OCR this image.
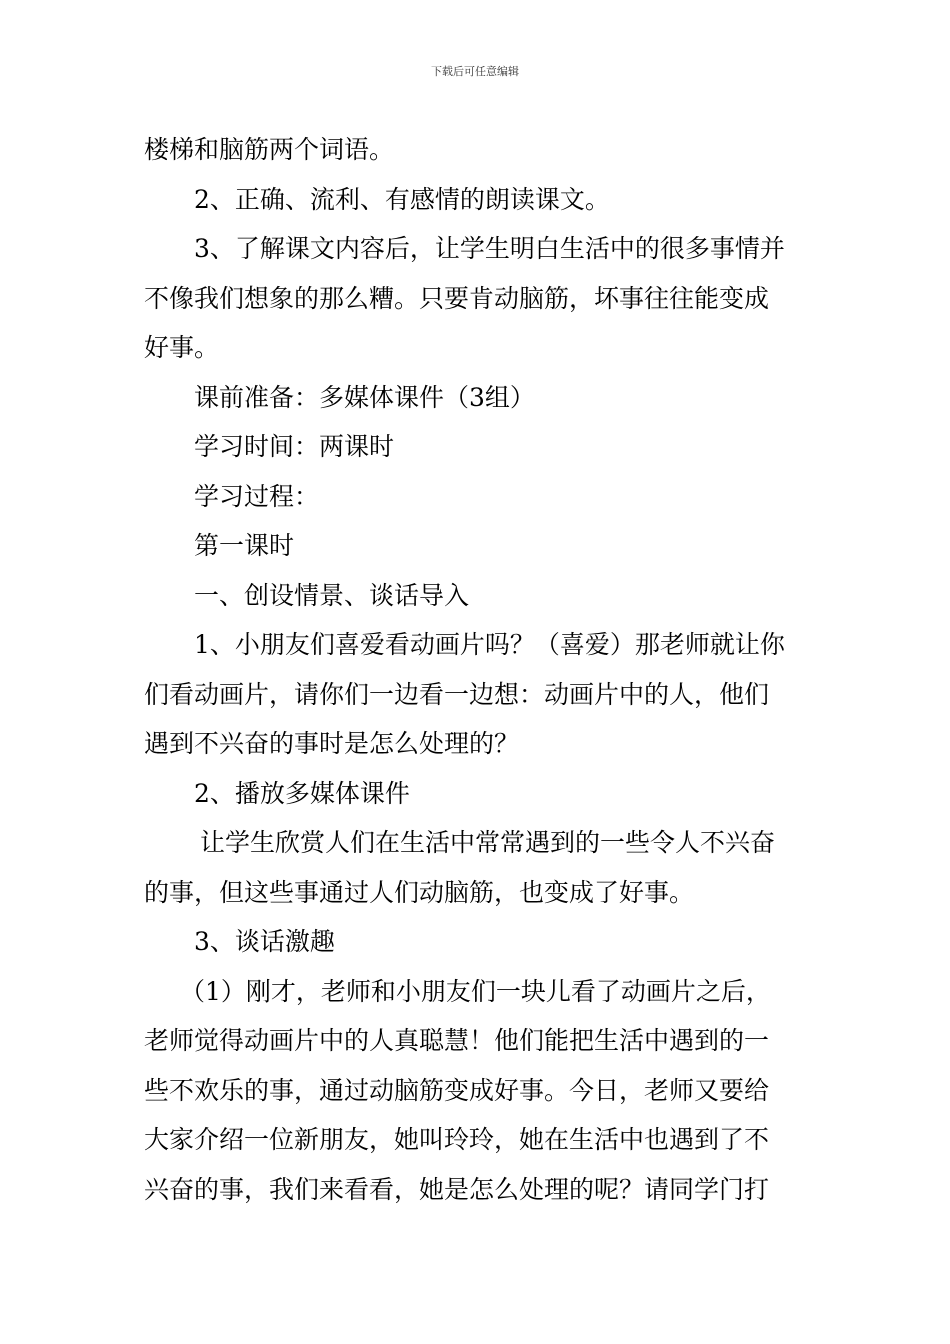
下载后可任意编辑
楼梯和脑筋两个词语。
2、正确、流利、有感情的朗读课文。
3、了解课文内容后，让学生明白生活中的很多事情并
不像我们想象的那么糟。只要肯动脑筋，坏事往往能变成
好事。
课前准备：多媒体课件（3组）
学习时间：两课时
学习过程：
第一课时
一、创设情景、谈话导入
1、小朋友们喜爱看动画片吗？（喜爱）那老师就让你
们看动画片，请你们一边看一边想：动画片中的人，他们
遇到不兴奋的事时是怎么处理的？
2、播放多媒体课件
让学生欣赏人们在生活中常常遇到的一些令人不兴奋
的事，但这些事通过人们动脑筋，也变成了好事。
3、谈话激趣
（1）刚才，老师和小朋友们一块儿看了动画片之后，
老师觉得动画片中的人真聪慧！他们能把生活中遇到的一
些不欢乐的事，通过动脑筋变成好事。今日，老师又要给
大家介绍一位新朋友，她叫玲玲，她在生活中也遇到了不
兴奋的事，我们来看看，她是怎么处理的呢？请同学门打
